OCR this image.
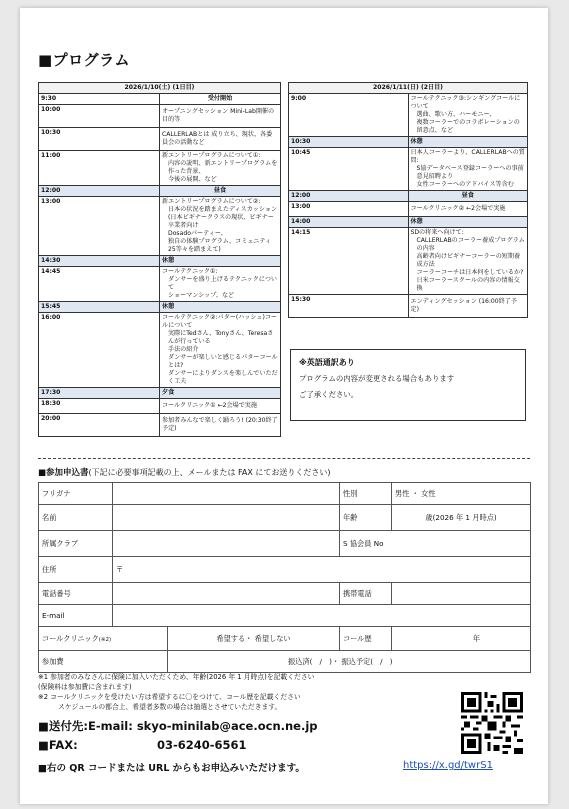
■プログラム
2026/1/10(土) (1日目)	
9:30	受付開始
10:00	オープニングセッション Mini-Lab開催の目的等
10:30	CALLERLABとは 成り立ち、現状、各委員会の活動など
11:00	新エントリープログラムについて①:
内容の説明、新エントリープログラムを作った背景、
今後の展開、など

12:00	昼食
13:00	新エントリープログラムについて②:
日本の状況を踏まえたディスカッション
(日本ビギナークラスの現状、ビギナー卒業者向け
Dosadoパーティー、
独自の体験プログラム、コミュニティ25等々を踏まえて)

14:30	休憩
14:45	コールテクニック①:
ダンサーを盛り上げるテクニックについて
ショーマンシップ、など

15:45	休憩
16:00	コールテクニック②:パター(ハッシュ)コールについて
実際にTedさん、Tonyさん、Teresaさんが行っている
手法の紹介
ダンサーが楽しいと感じるパターコールとは?
ダンサーによりダンスを楽しんでいただく工夫

17:30	夕食
18:30	コールクリニック① ←2会場で実施
20:00	参加者みんなで楽しく踊ろう! (20:30終了予定)
2026/1/11(日) (2日目)	
9:00	コールテクニック③:シンギングコールについて
選曲、歌い方、ハーモニー、
複数コーラーでのコラボレーションの留意点、など

10:30	休憩
10:45	日本人コーラーより、CALLERLABへの質問:
S協データベース登録コーラーへの事前意見招聘より
女性コーラーへのアドバイス等含む

12:00	昼食
13:00	コールクリニック② ←2会場で実施
14:00	休憩
14:15	SDの将来へ向けて:
CALLERLABのコーラー養成プログラムの内容
高齢者向けビギナーコーラーの短期養成方法
コーラーコーチは日本何をしているか?
日米コーラースクールの内容の情報交換

15:30	エンディングセッション (16:00終了予定)
※英語通訳あり
プログラムの内容が変更される場合もあります
ご了承ください。
■参加申込書(下記に必要事項記載の上、メールまたは FAX にてお送りください)
フリガナ			性別	男性 ・ 女性
名前			年齢	歳(2026 年 1 月時点)
所属クラブ			S 協会員 No	
住所	〒			
電話番号			携帯電話	
E-mail				
コールクリニック(※2)		希望する・ 希望しない	コール歴	年
参加費		振込済(　/　)・ 振込予定(　/　)		
※1 参加者のみなさんに保険に加入いただくため、年齢(2026 年 1 月時点)を記載ください
(保険料は参加費に含まれます)
※2 コールクリニックを受けたい方は希望するに〇をつけて、コール歴を記載ください
スケジュールの都合上、希望者多数の場合は抽選とさせていただきます。
■送付先:E-mail: skyo-minilab@ace.ocn.ne.jp
■FAX:	03-6240-6561
■右の QR コードまたは URL からもお申込みいただけます。	https://x.gd/twrS1
